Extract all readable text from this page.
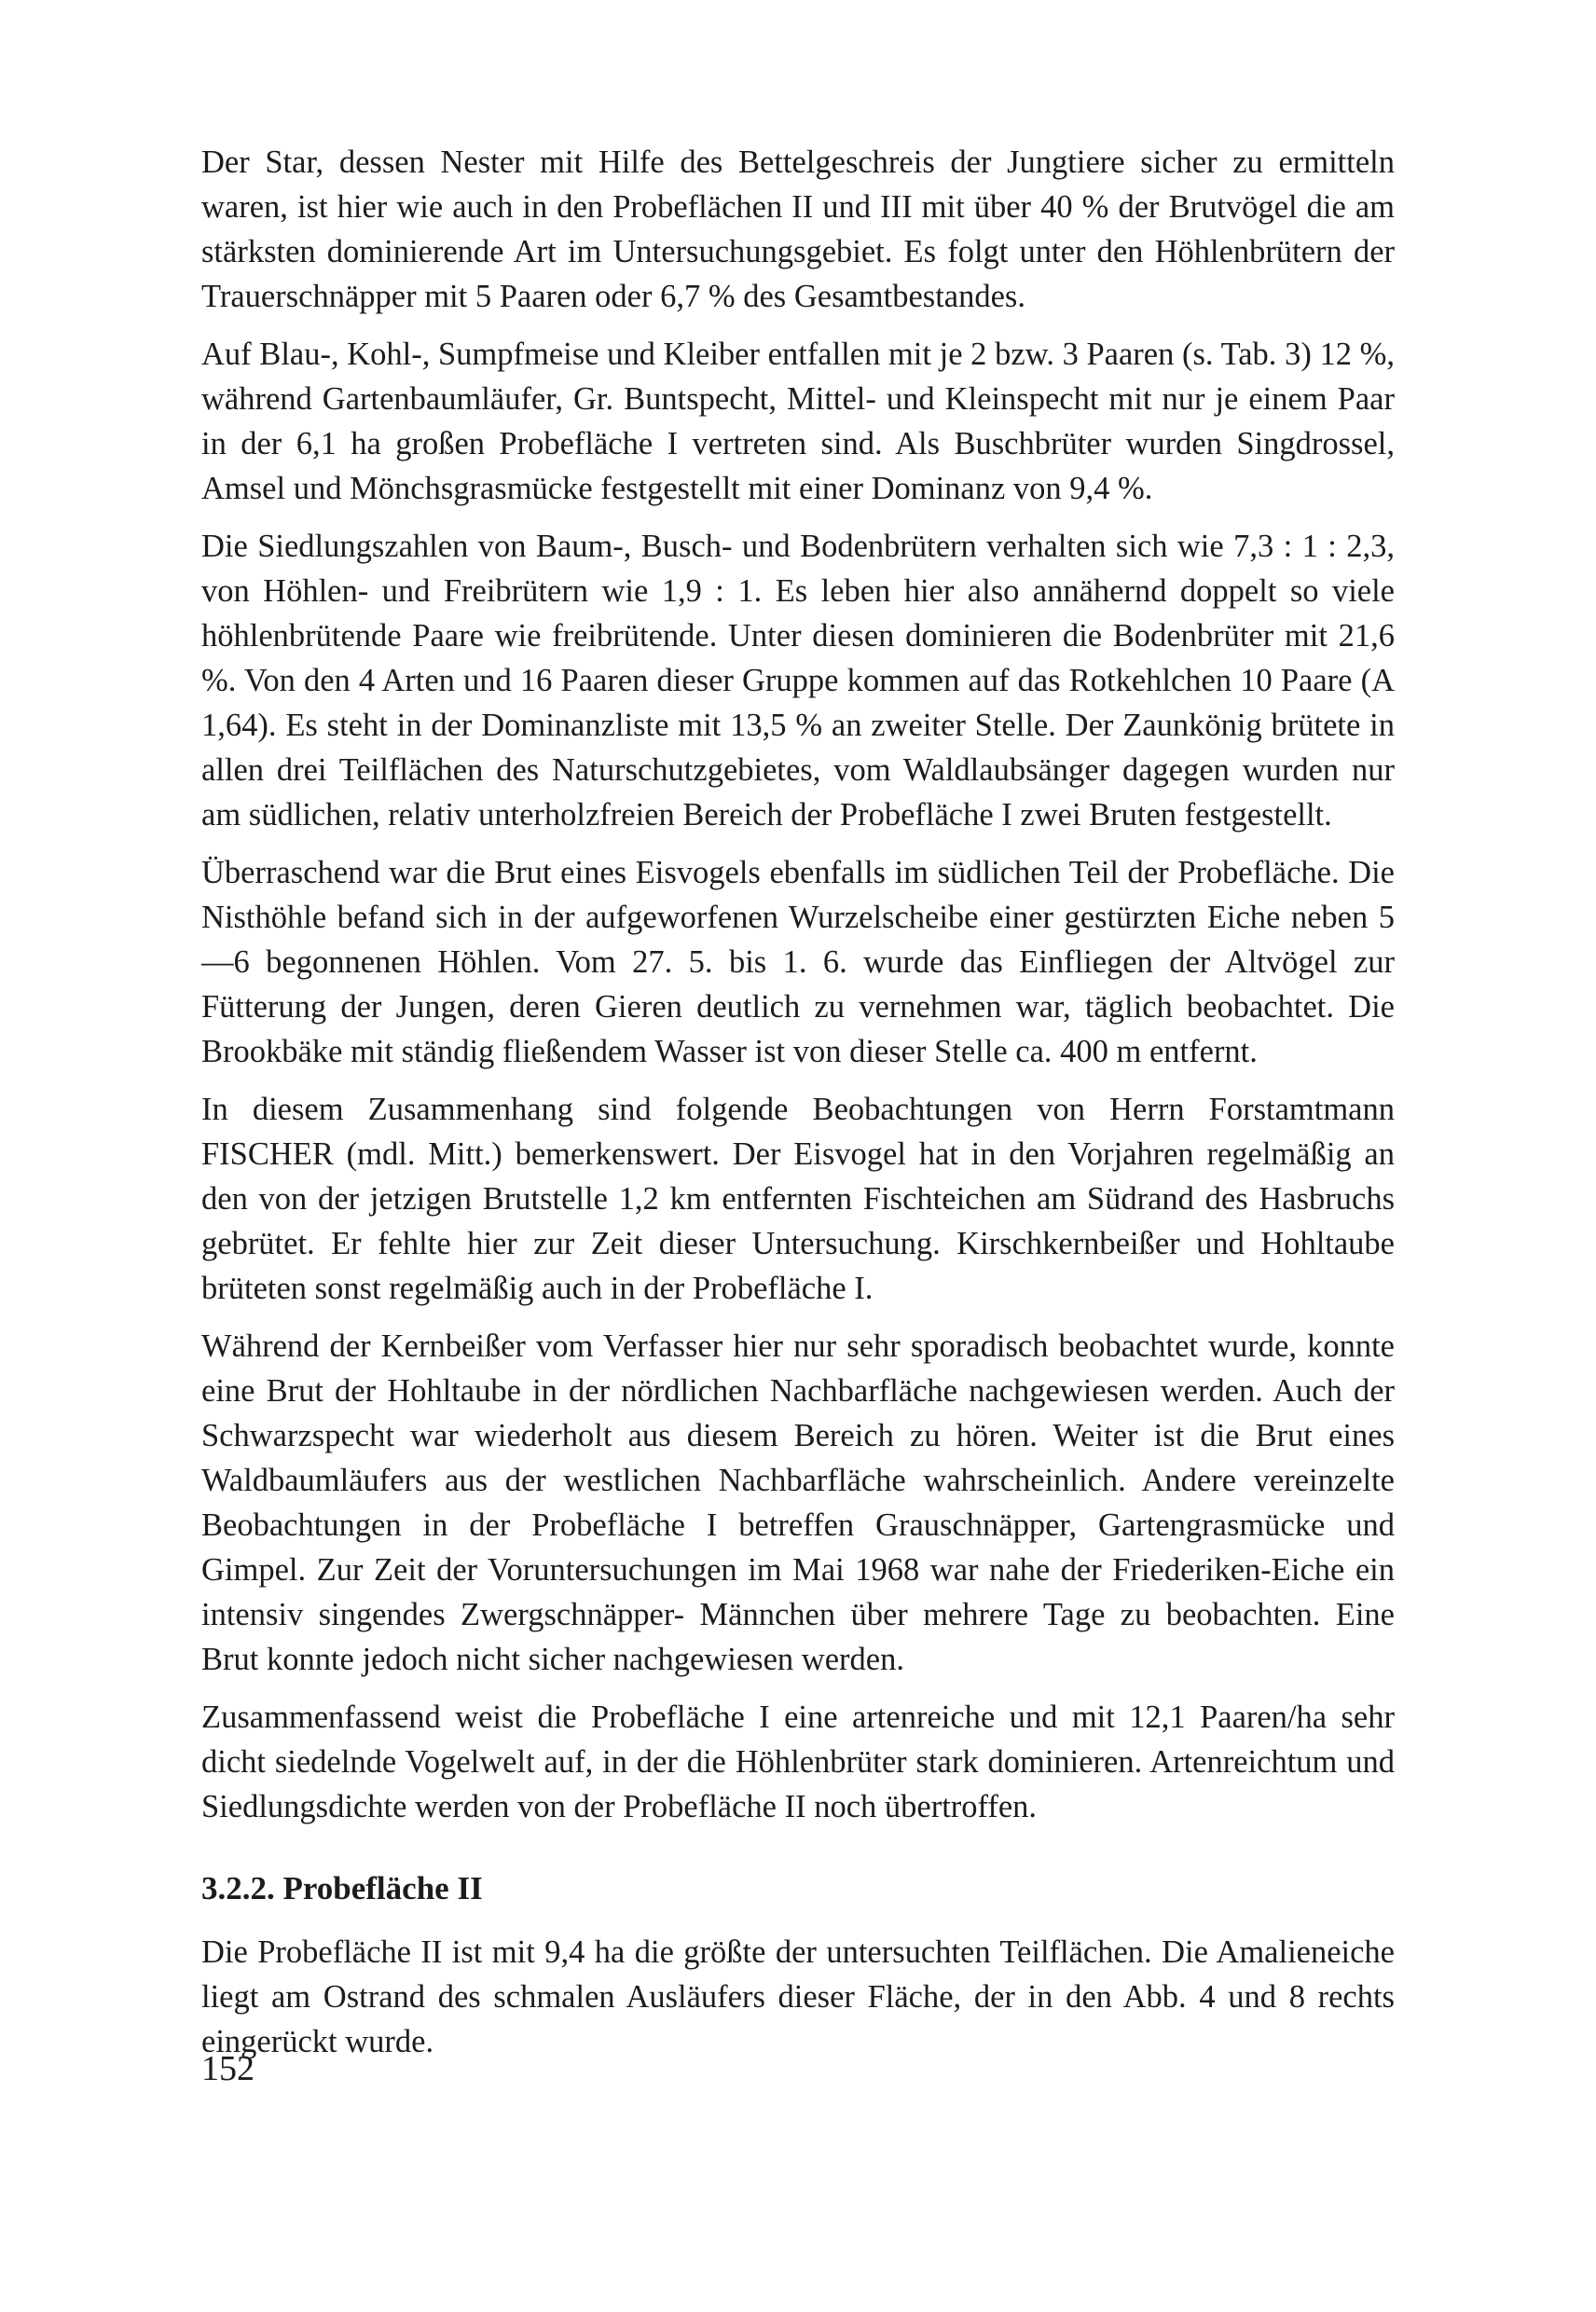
Der Star, dessen Nester mit Hilfe des Bettelgeschreis der Jungtiere sicher zu ermitteln waren, ist hier wie auch in den Probeflächen II und III mit über 40 % der Brutvögel die am stärksten dominierende Art im Untersuchungsgebiet. Es folgt unter den Höhlenbrütern der Trauerschnäpper mit 5 Paaren oder 6,7 % des Gesamtbestandes.

Auf Blau-, Kohl-, Sumpfmeise und Kleiber entfallen mit je 2 bzw. 3 Paaren (s. Tab. 3) 12 %, während Gartenbaumläufer, Gr. Buntspecht, Mittel- und Kleinspecht mit nur je einem Paar in der 6,1 ha großen Probefläche I vertreten sind. Als Buschbrüter wurden Singdrossel, Amsel und Mönchsgrasmücke festgestellt mit einer Dominanz von 9,4 %.

Die Siedlungszahlen von Baum-, Busch- und Bodenbrütern verhalten sich wie 7,3 : 1 : 2,3, von Höhlen- und Freibrütern wie 1,9 : 1. Es leben hier also annähernd doppelt so viele höhlenbrütende Paare wie freibrütende. Unter diesen dominieren die Bodenbrüter mit 21,6 %. Von den 4 Arten und 16 Paaren dieser Gruppe kommen auf das Rotkehlchen 10 Paare (A 1,64). Es steht in der Dominanzliste mit 13,5 % an zweiter Stelle. Der Zaunkönig brütete in allen drei Teilflächen des Naturschutzgebietes, vom Waldlaubsänger dagegen wurden nur am südlichen, relativ unterholzfreien Bereich der Probefläche I zwei Bruten festgestellt.

Überraschend war die Brut eines Eisvogels ebenfalls im südlichen Teil der Probefläche. Die Nisthöhle befand sich in der aufgeworfenen Wurzelscheibe einer gestürzten Eiche neben 5—6 begonnenen Höhlen. Vom 27. 5. bis 1. 6. wurde das Einfliegen der Altvögel zur Fütterung der Jungen, deren Gieren deutlich zu vernehmen war, täglich beobachtet. Die Brookbäke mit ständig fließendem Wasser ist von dieser Stelle ca. 400 m entfernt.

In diesem Zusammenhang sind folgende Beobachtungen von Herrn Forstamtmann FISCHER (mdl. Mitt.) bemerkenswert. Der Eisvogel hat in den Vorjahren regelmäßig an den von der jetzigen Brutstelle 1,2 km entfernten Fischteichen am Südrand des Hasbruchs gebrütet. Er fehlte hier zur Zeit dieser Untersuchung. Kirschkernbeißer und Hohltaube brüteten sonst regelmäßig auch in der Probefläche I.

Während der Kernbeißer vom Verfasser hier nur sehr sporadisch beobachtet wurde, konnte eine Brut der Hohltaube in der nördlichen Nachbarfläche nachgewiesen werden. Auch der Schwarzspecht war wiederholt aus diesem Bereich zu hören. Weiter ist die Brut eines Waldbaumläufers aus der westlichen Nachbarfläche wahrscheinlich. Andere vereinzelte Beobachtungen in der Probefläche I betreffen Grauschnäpper, Gartengrasmücke und Gimpel. Zur Zeit der Voruntersuchungen im Mai 1968 war nahe der Friederiken-Eiche ein intensiv singendes Zwergschnäpper- Männchen über mehrere Tage zu beobachten. Eine Brut konnte jedoch nicht sicher nachgewiesen werden.

Zusammenfassend weist die Probefläche I eine artenreiche und mit 12,1 Paaren/ha sehr dicht siedelnde Vogelwelt auf, in der die Höhlenbrüter stark dominieren. Artenreichtum und Siedlungsdichte werden von der Probefläche II noch übertroffen.

3.2.2. Probefläche II

Die Probefläche II ist mit 9,4 ha die größte der untersuchten Teilflächen. Die Amalieneiche liegt am Ostrand des schmalen Ausläufers dieser Fläche, der in den Abb. 4 und 8 rechts eingerückt wurde.

152
